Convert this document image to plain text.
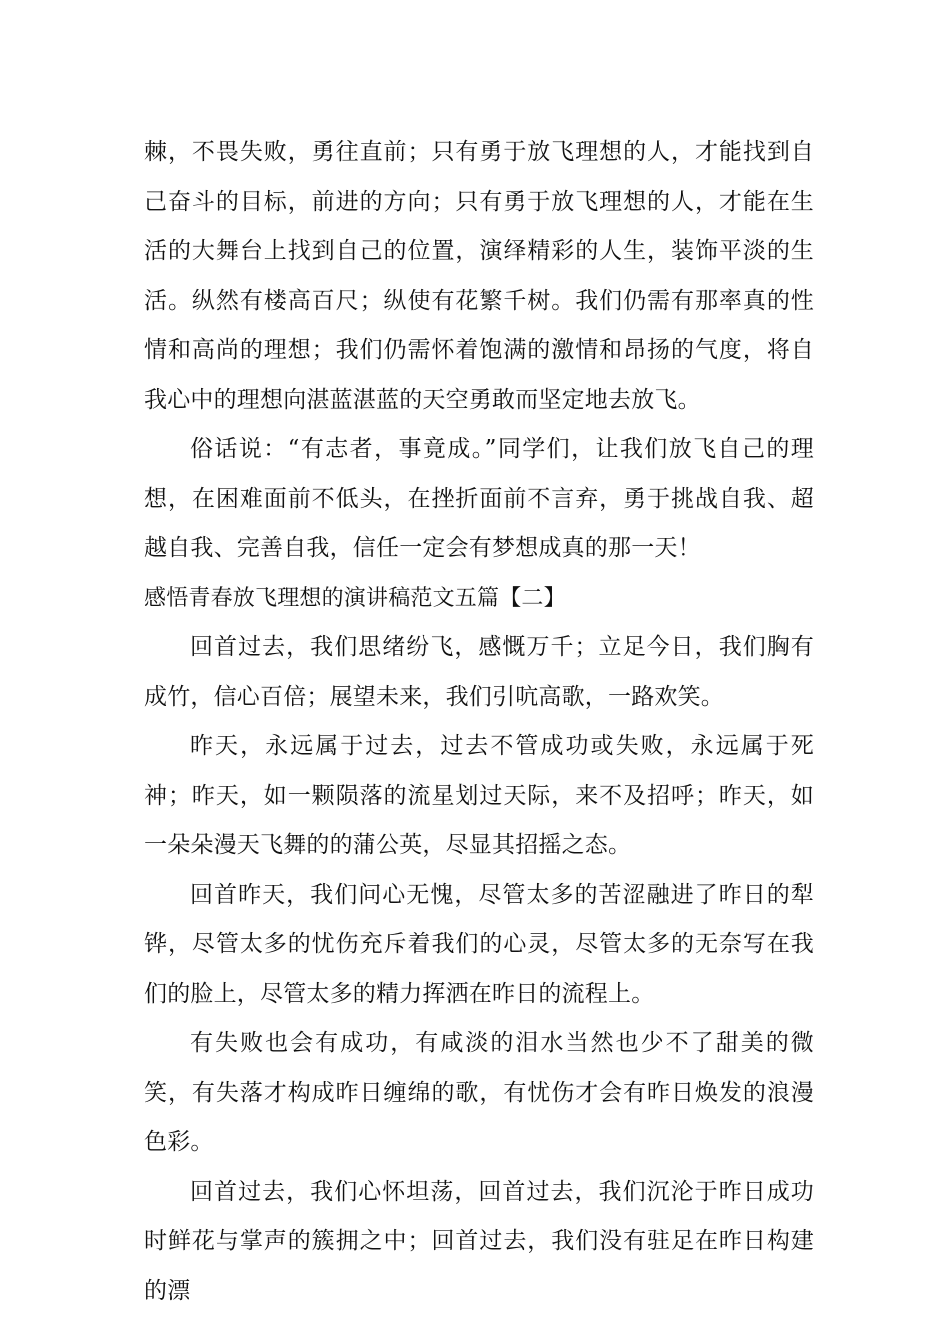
棘，不畏失败，勇往直前；只有勇于放飞理想的人，才能找到自己奋斗的目标，前进的方向；只有勇于放飞理想的人，才能在生活的大舞台上找到自己的位置，演绎精彩的人生，装饰平淡的生活。纵然有楼高百尺；纵使有花繁千树。我们仍需有那率真的性情和高尚的理想；我们仍需怀着饱满的激情和昂扬的气度，将自我心中的理想向湛蓝湛蓝的天空勇敢而坚定地去放飞。

俗话说：“有志者，事竟成。”同学们，让我们放飞自己的理想，在困难面前不低头，在挫折面前不言弃，勇于挑战自我、超越自我、完善自我，信任一定会有梦想成真的那一天！

感悟青春放飞理想的演讲稿范文五篇【二】

回首过去，我们思绪纷飞，感慨万千；立足今日，我们胸有成竹，信心百倍；展望未来，我们引吭高歌，一路欢笑。

昨天，永远属于过去，过去不管成功或失败，永远属于死神；昨天，如一颗陨落的流星划过天际，来不及招呼；昨天，如一朵朵漫天飞舞的的蒲公英，尽显其招摇之态。

回首昨天，我们问心无愧，尽管太多的苦涩融进了昨日的犁铧，尽管太多的忧伤充斥着我们的心灵，尽管太多的无奈写在我们的脸上，尽管太多的精力挥洒在昨日的流程上。

有失败也会有成功，有咸淡的泪水当然也少不了甜美的微笑，有失落才构成昨日缠绵的歌，有忧伤才会有昨日焕发的浪漫色彩。

回首过去，我们心怀坦荡，回首过去，我们沉沦于昨日成功时鲜花与掌声的簇拥之中；回首过去，我们没有驻足在昨日构建的漂
